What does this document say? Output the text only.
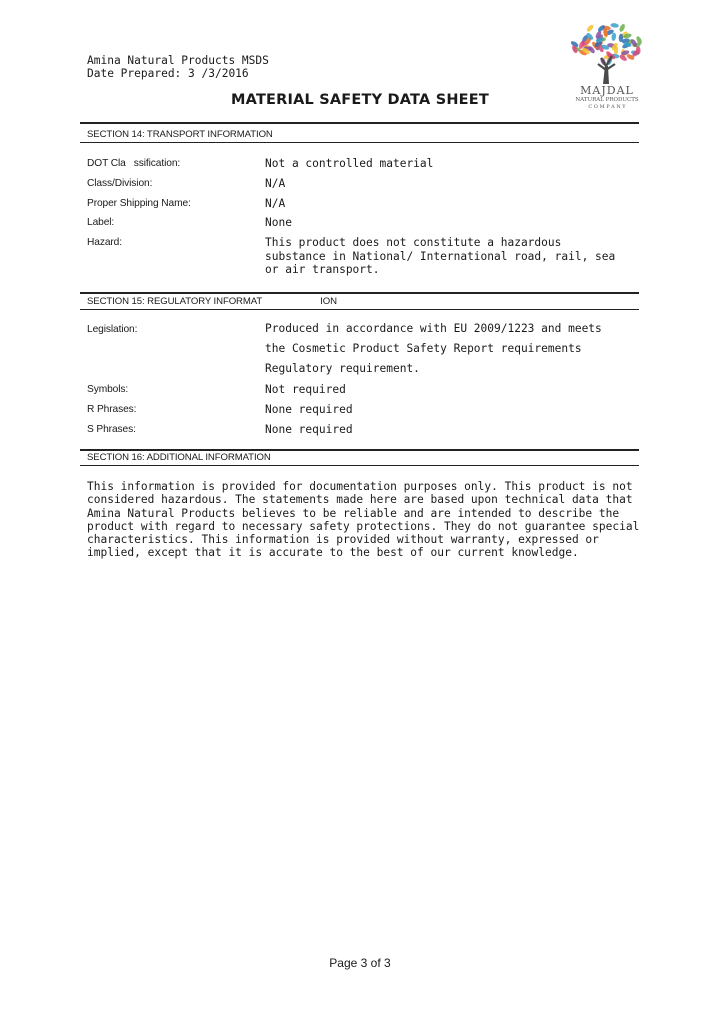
Amina Natural Products MSDS
Date Prepared: 3 /3/2016
MATERIAL SAFETY DATA SHEET
MAJDAL
NATURAL PRODUCTS
C O M P A N Y
SECTION 14: TRANSPORT INFORMATION
DOT Cla ssification:	Not a controlled material
Class/Division:	N/A
Proper Shipping Name:	N/A
Label:	None
Hazard:	This product does not constitute a hazardous substance in National/ International road, rail, sea or air transport.
SECTION 15: REGULATORY INFORMAT	ION
Legislation:	Produced in accordance with EU 2009/1223 and meets the Cosmetic Product Safety Report requirements Regulatory requirement.
Symbols:	Not required
R Phrases:	None required
S Phrases:	None required
SECTION 16: ADDITIONAL INFORMATION
This information is provided for documentation purposes only. This product is not considered hazardous. The statements made here are based upon technical data that Amina Natural Products believes to be reliable and are intended to describe the product with regard to necessary safety protections. They do not guarantee special characteristics. This information is provided without warranty, expressed or implied, except that it is accurate to the best of our current knowledge.
Page 3 of 3
